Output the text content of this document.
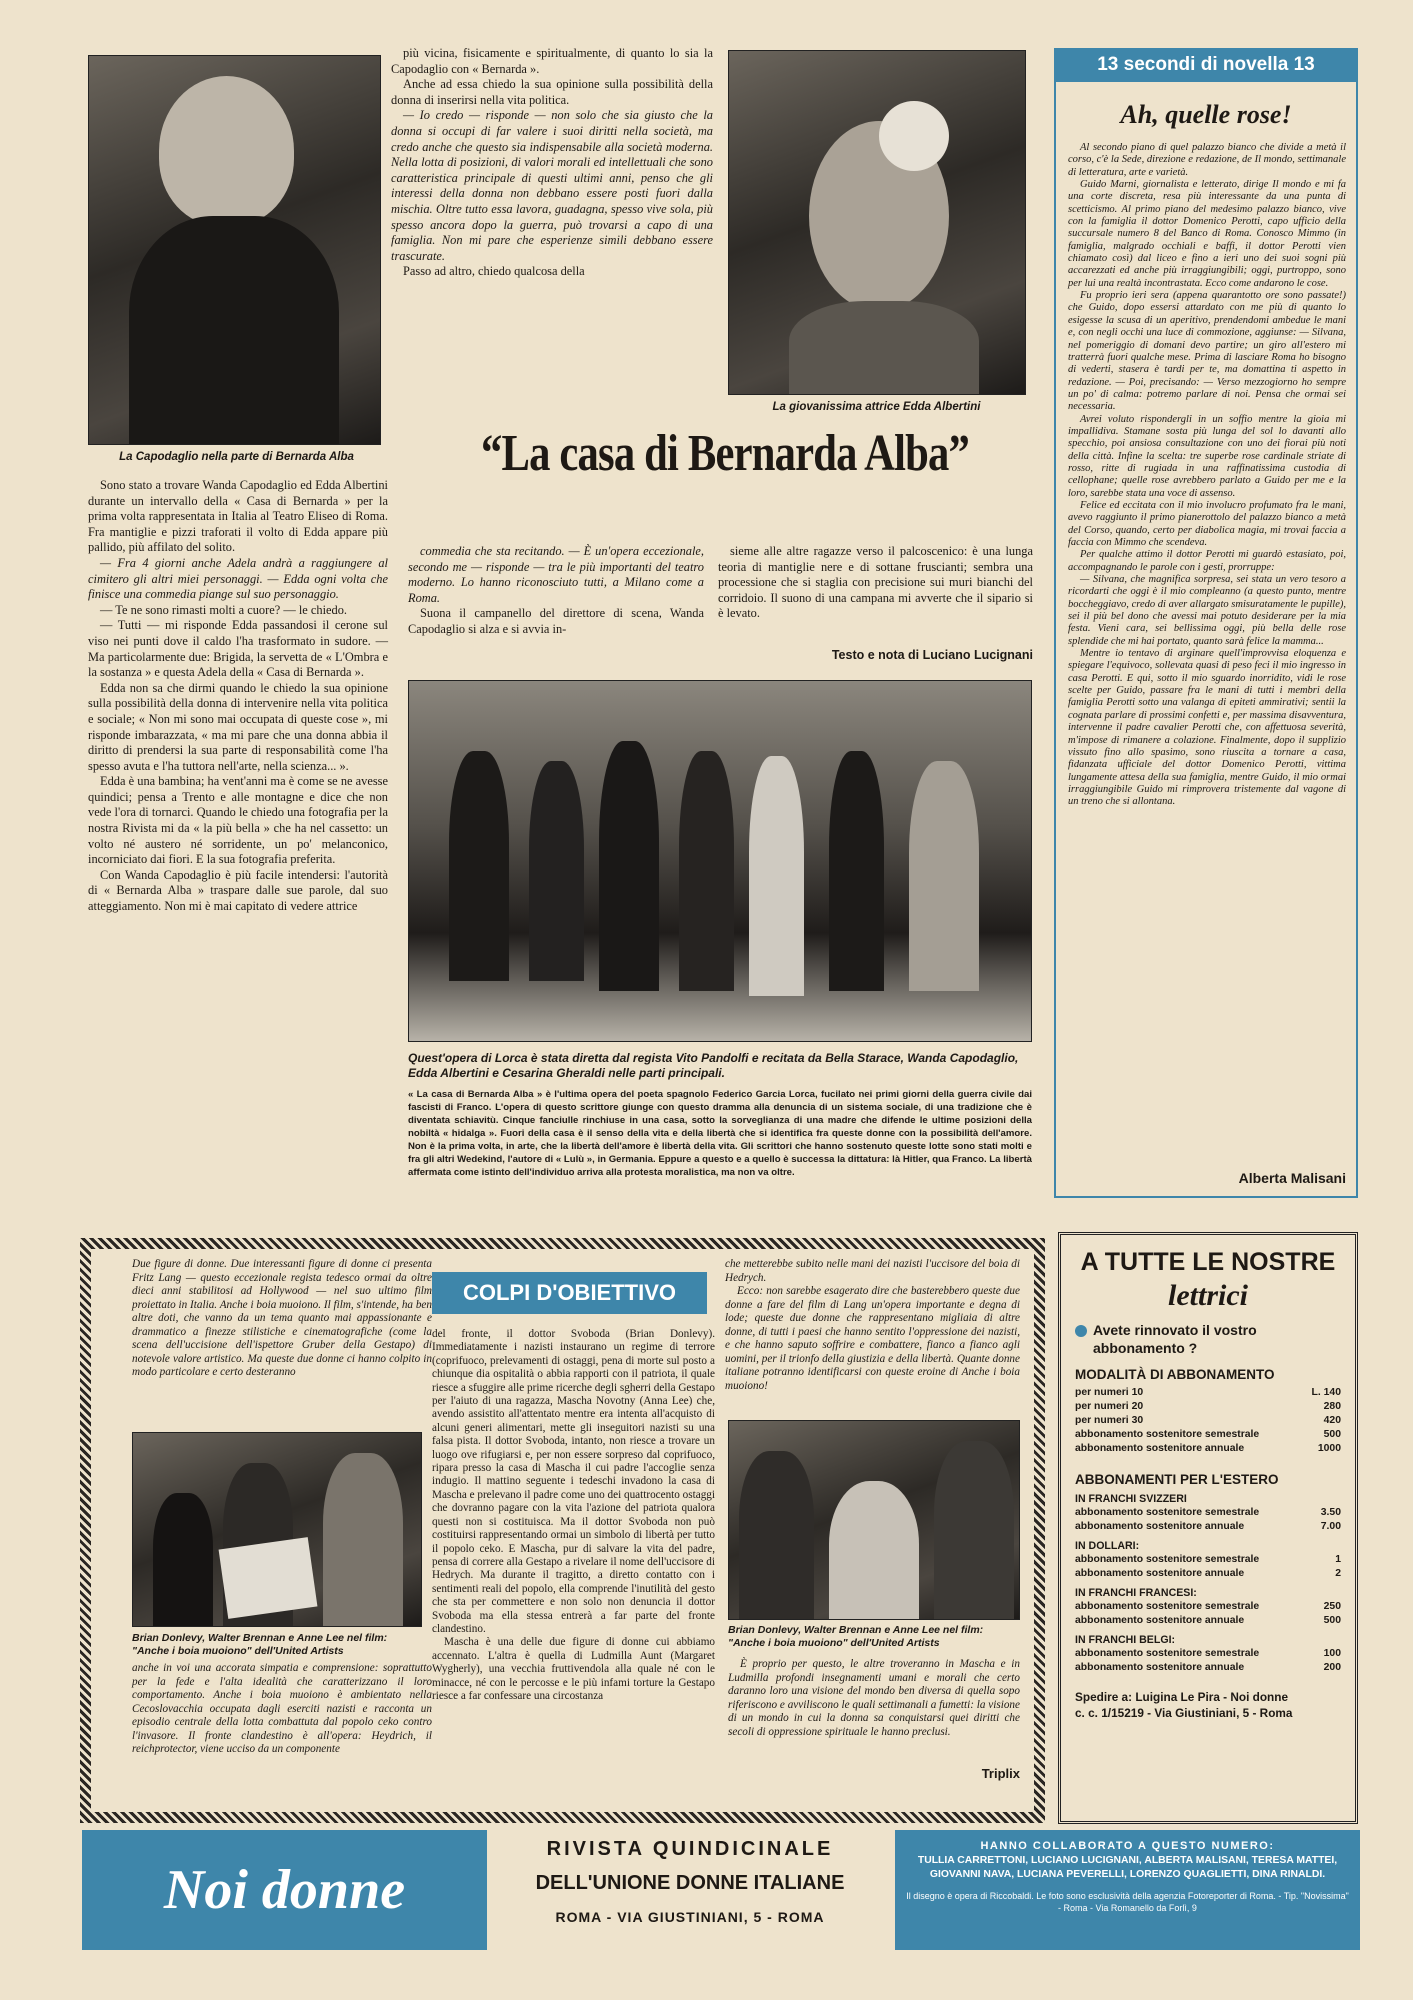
La Capodaglio nella parte di Bernarda Alba

più vicina, fisicamente e spiritualmente, di quanto lo sia la Capodaglio con « Bernarda ».

Anche ad essa chiedo la sua opinione sulla possibilità della donna di inserirsi nella vita politica.

— Io credo — risponde — non solo che sia giusto che la donna si occupi di far valere i suoi diritti nella società, ma credo anche che questo sia indispensabile alla società moderna. Nella lotta di posizioni, di valori morali ed intellettuali che sono caratteristica principale di questi ultimi anni, penso che gli interessi della donna non debbano essere posti fuori dalla mischia. Oltre tutto essa lavora, guadagna, spesso vive sola, più spesso ancora dopo la guerra, può trovarsi a capo di una famiglia. Non mi pare che esperienze simili debbano essere trascurate.

Passo ad altro, chiedo qualcosa della

La giovanissima attrice Edda Albertini
“La casa di Bernarda Alba”

Sono stato a trovare Wanda Capodaglio ed Edda Albertini durante un intervallo della « Casa di Bernarda » per la prima volta rappresentata in Italia al Teatro Eliseo di Roma. Fra mantiglie e pizzi traforati il volto di Edda appare più pallido, più affilato del solito.

— Fra 4 giorni anche Adela andrà a raggiungere al cimitero gli altri miei personaggi. — Edda ogni volta che finisce una commedia piange sul suo personaggio.

— Te ne sono rimasti molti a cuore? — le chiedo.

— Tutti — mi risponde Edda passandosi il cerone sul viso nei punti dove il caldo l'ha trasformato in sudore. — Ma particolarmente due: Brigida, la servetta de « L'Ombra e la sostanza » e questa Adela della « Casa di Bernarda ».

Edda non sa che dirmi quando le chiedo la sua opinione sulla possibilità della donna di intervenire nella vita politica e sociale; « Non mi sono mai occupata di queste cose », mi risponde imbarazzata, « ma mi pare che una donna abbia il diritto di prendersi la sua parte di responsabilità come l'ha spesso avuta e l'ha tuttora nell'arte, nella scienza... ».

Edda è una bambina; ha vent'anni ma è come se ne avesse quindici; pensa a Trento e alle montagne e dice che non vede l'ora di tornarci. Quando le chiedo una fotografia per la nostra Rivista mi da « la più bella » che ha nel cassetto: un volto né austero né sorridente, un po' melanconico, incorniciato dai fiori. E la sua fotografia preferita.

Con Wanda Capodaglio è più facile intendersi: l'autorità di « Bernarda Alba » traspare dalle sue parole, dal suo atteggiamento. Non mi è mai capitato di vedere attrice

commedia che sta recitando. — È un'opera eccezionale, secondo me — risponde — tra le più importanti del teatro moderno. Lo hanno riconosciuto tutti, a Milano come a Roma.

Suona il campanello del direttore di scena, Wanda Capodaglio si alza e si avvia in-

sieme alle altre ragazze verso il palcoscenico: è una lunga teoria di mantiglie nere e di sottane fruscianti; sembra una processione che si staglia con precisione sui muri bianchi del corridoio. Il suono di una campana mi avverte che il sipario si è levato.

Testo e nota di Luciano Lucignani
Quest'opera di Lorca è stata diretta dal regista Vito Pandolfi e recitata da Bella Starace, Wanda Capodaglio, Edda Albertini e Cesarina Gheraldi nelle parti principali.
« La casa di Bernarda Alba » è l'ultima opera del poeta spagnolo Federico Garcia Lorca, fucilato nei primi giorni della guerra civile dai fascisti di Franco. L'opera di questo scrittore giunge con questo dramma alla denuncia di un sistema sociale, di una tradizione che è diventata schiavitù. Cinque fanciulle rinchiuse in una casa, sotto la sorveglianza di una madre che difende le ultime posizioni della nobiltà « hidalga ». Fuori della casa è il senso della vita e della libertà che si identifica fra queste donne con la possibilità dell'amore. Non è la prima volta, in arte, che la libertà dell'amore è libertà della vita. Gli scrittori che hanno sostenuto queste lotte sono stati molti e fra gli altri Wedekind, l'autore di « Lulù », in Germania. Eppure a questo e a quello è successa la dittatura: là Hitler, qua Franco. La libertà affermata come istinto dell'individuo arriva alla protesta moralistica, ma non va oltre.
13 secondi di novella 13
Ah, quelle rose!

Al secondo piano di quel palazzo bianco che divide a metà il corso, c'è la Sede, direzione e redazione, de Il mondo, settimanale di letteratura, arte e varietà.

Guido Marni, giornalista e letterato, dirige Il mondo e mi fa una corte discreta, resa più interessante da una punta di scetticismo. Al primo piano del medesimo palazzo bianco, vive con la famiglia il dottor Domenico Perotti, capo ufficio della succursale numero 8 del Banco di Roma. Conosco Mimmo (in famiglia, malgrado occhiali e baffi, il dottor Perotti vien chiamato così) dal liceo e fino a ieri uno dei suoi sogni più accarezzati ed anche più irraggiungibili; oggi, purtroppo, sono per lui una realtà incontrastata. Ecco come andarono le cose.

Fu proprio ieri sera (appena quarantotto ore sono passate!) che Guido, dopo essersi attardato con me più di quanto lo esigesse la scusa di un aperitivo, prendendomi ambedue le mani e, con negli occhi una luce di commozione, aggiunse: — Silvana, nel pomeriggio di domani devo partire; un giro all'estero mi tratterrà fuori qualche mese. Prima di lasciare Roma ho bisogno di vederti, stasera è tardi per te, ma domattina ti aspetto in redazione. — Poi, precisando: — Verso mezzogiorno ho sempre un po' di calma: potremo parlare di noi. Pensa che ormai sei necessaria.

Avrei voluto rispondergli in un soffio mentre la gioia mi impallidiva. Stamane sosta più lunga del sol lo davanti allo specchio, poi ansiosa consultazione con uno dei fiorai più noti della città. Infine la scelta: tre superbe rose cardinale striate di rosso, ritte di rugiada in una raffinatissima custodia di cellophane; quelle rose avrebbero parlato a Guido per me e la loro, sarebbe stata una voce di assenso.

Felice ed eccitata con il mio involucro profumato fra le mani, avevo raggiunto il primo pianerottolo del palazzo bianco a metà del Corso, quando, certo per diabolica magia, mi trovai faccia a faccia con Mimmo che scendeva.

Per qualche attimo il dottor Perotti mi guardò estasiato, poi, accompagnando le parole con i gesti, prorruppe:

— Silvana, che magnifica sorpresa, sei stata un vero tesoro a ricordarti che oggi è il mio compleanno (a questo punto, mentre boccheggiavo, credo di aver allargato smisuratamente le pupille), sei il più bel dono che avessi mai potuto desiderare per la mia festa. Vieni cara, sei bellissima oggi, più bella delle rose splendide che mi hai portato, quanto sarà felice la mamma...

Mentre io tentavo di arginare quell'improvvisa eloquenza e spiegare l'equivoco, sollevata quasi di peso feci il mio ingresso in casa Perotti. E qui, sotto il mio sguardo inorridito, vidi le rose scelte per Guido, passare fra le mani di tutti i membri della famiglia Perotti sotto una valanga di epiteti ammirativi; sentii la cognata parlare di prossimi confetti e, per massima disavventura, intervenne il padre cavalier Perotti che, con affettuosa severità, m'impose di rimanere a colazione. Finalmente, dopo il supplizio vissuto fino allo spasimo, sono riuscita a tornare a casa, fidanzata ufficiale del dottor Domenico Perotti, vittima lungamente attesa della sua famiglia, mentre Guido, il mio ormai irraggiungibile Guido mi rimprovera tristemente dal vagone di un treno che si allontana.

Alberta Malisani
Due figure di donne. Due interessanti figure di donne ci presenta Fritz Lang — questo eccezionale regista tedesco ormai da oltre dieci anni stabilitosi ad Hollywood — nel suo ultimo film proiettato in Italia. Anche i boia muoiono. Il film, s'intende, ha ben altre doti, che vanno da un tema quanto mai appassionante e drammatico a finezze stilistiche e cinematografiche (come la scena dell'uccisione dell'ispettore Gruber della Gestapo) di notevole valore artistico. Ma queste due donne ci hanno colpito in modo particolare e certo desteranno
COLPI D'OBIETTIVO
Brian Donlevy, Walter Brennan e Anne Lee nel film: "Anche i boia muoiono" dell'United Artists
anche in voi una accorata simpatia e comprensione: soprattutto per la fede e l'alta idealità che caratterizzano il loro comportamento. Anche i boia muoiono è ambientato nella Cecoslovacchia occupata dagli eserciti nazisti e racconta un episodio centrale della lotta combattuta dal popolo ceko contro l'invasore. Il fronte clandestino è all'opera: Heydrich, il reichprotector, viene ucciso da un componente
del fronte, il dottor Svoboda (Brian Donlevy). Immediatamente i nazisti instaurano un regime di terrore (coprifuoco, prelevamenti di ostaggi, pena di morte sul posto a chiunque dia ospitalità o abbia rapporti con il patriota, il quale riesce a sfuggire alle prime ricerche degli sgherri della Gestapo per l'aiuto di una ragazza, Mascha Novotny (Anna Lee) che, avendo assistito all'attentato mentre era intenta all'acquisto di alcuni generi alimentari, mette gli inseguitori nazisti su una falsa pista. Il dottor Svoboda, intanto, non riesce a trovare un luogo ove rifugiarsi e, per non essere sorpreso dal coprifuoco, ripara presso la casa di Mascha il cui padre l'accoglie senza indugio. Il mattino seguente i tedeschi invadono la casa di Mascha e prelevano il padre come uno dei quattrocento ostaggi che dovranno pagare con la vita l'azione del patriota qualora questi non si costituisca. Ma il dottor Svoboda non può costituirsi rappresentando ormai un simbolo di libertà per tutto il popolo ceko. E Mascha, pur di salvare la vita del padre, pensa di correre alla Gestapo a rivelare il nome dell'uccisore di Hedrych. Ma durante il tragitto, a diretto contatto con i sentimenti reali del popolo, ella comprende l'inutilità del gesto che sta per commettere e non solo non denuncia il dottor Svoboda ma ella stessa entrerà a far parte del fronte clandestino.
Mascha è una delle due figure di donne cui abbiamo accennato. L'altra è quella di Ludmilla Aunt (Margaret Wygherly), una vecchia fruttivendola alla quale né con le minacce, né con le percosse e le più infami torture la Gestapo riesce a far confessare una circostanza
che metterebbe subito nelle mani dei nazisti l'uccisore del boia di Hedrych.
Ecco: non sarebbe esagerato dire che basterebbero queste due donne a fare del film di Lang un'opera importante e degna di lode; queste due donne che rappresentano migliaia di altre donne, di tutti i paesi che hanno sentito l'oppressione dei nazisti, e che hanno saputo soffrire e combattere, fianco a fianco agli uomini, per il trionfo della giustizia e della libertà. Quante donne italiane potranno identificarsi con queste eroine di Anche i boia muoiono!
Brian Donlevy, Walter Brennan e Anne Lee nel film: "Anche i boia muoiono" dell'United Artists
È proprio per questo, le altre troveranno in Mascha e in Ludmilla profondi insegnamenti umani e morali che certo daranno loro una visione del mondo ben diversa di quella sopo riferiscono e avviliscono le quali settimanali a fumetti: la visione di un mondo in cui la donna sa conquistarsi quei diritti che secoli di oppressione spirituale le hanno preclusi.
Triplix
A TUTTE LE NOSTRE
lettrici
Avete rinnovato il vostro abbonamento ?
MODALITÀ DI ABBONAMENTO
per numeri 10	L. 140
per numeri 20	280
per numeri 30	420
abbonamento sostenitore semestrale	500
abbonamento sostenitore annuale	1000
ABBONAMENTI PER L'ESTERO
IN FRANCHI SVIZZERI
abbonamento sostenitore semestrale	3.50
abbonamento sostenitore annuale	7.00
IN DOLLARI:
abbonamento sostenitore semestrale	1
abbonamento sostenitore annuale	2
IN FRANCHI FRANCESI:
abbonamento sostenitore semestrale	250
abbonamento sostenitore annuale	500
IN FRANCHI BELGI:
abbonamento sostenitore semestrale	100
abbonamento sostenitore annuale	200
Spedire a: Luigina Le Pira - Noi donne
c. c. 1/15219 - Via Giustiniani, 5 - Roma
Noi donne
RIVISTA QUINDICINALE
DELL'UNIONE DONNE ITALIANE
ROMA - VIA GIUSTINIANI, 5 - ROMA
HANNO COLLABORATO A QUESTO NUMERO:
TULLIA CARRETTONI, LUCIANO LUCIGNANI, ALBERTA MALISANI, TERESA MATTEI, GIOVANNI NAVA, LUCIANA PEVERELLI, LORENZO QUAGLIETTI, DINA RINALDI.
Il disegno è opera di Riccobaldi. Le foto sono esclusività della agenzia Fotoreporter di Roma. - Tip. "Novissima" - Roma - Via Romanello da Forlì, 9
